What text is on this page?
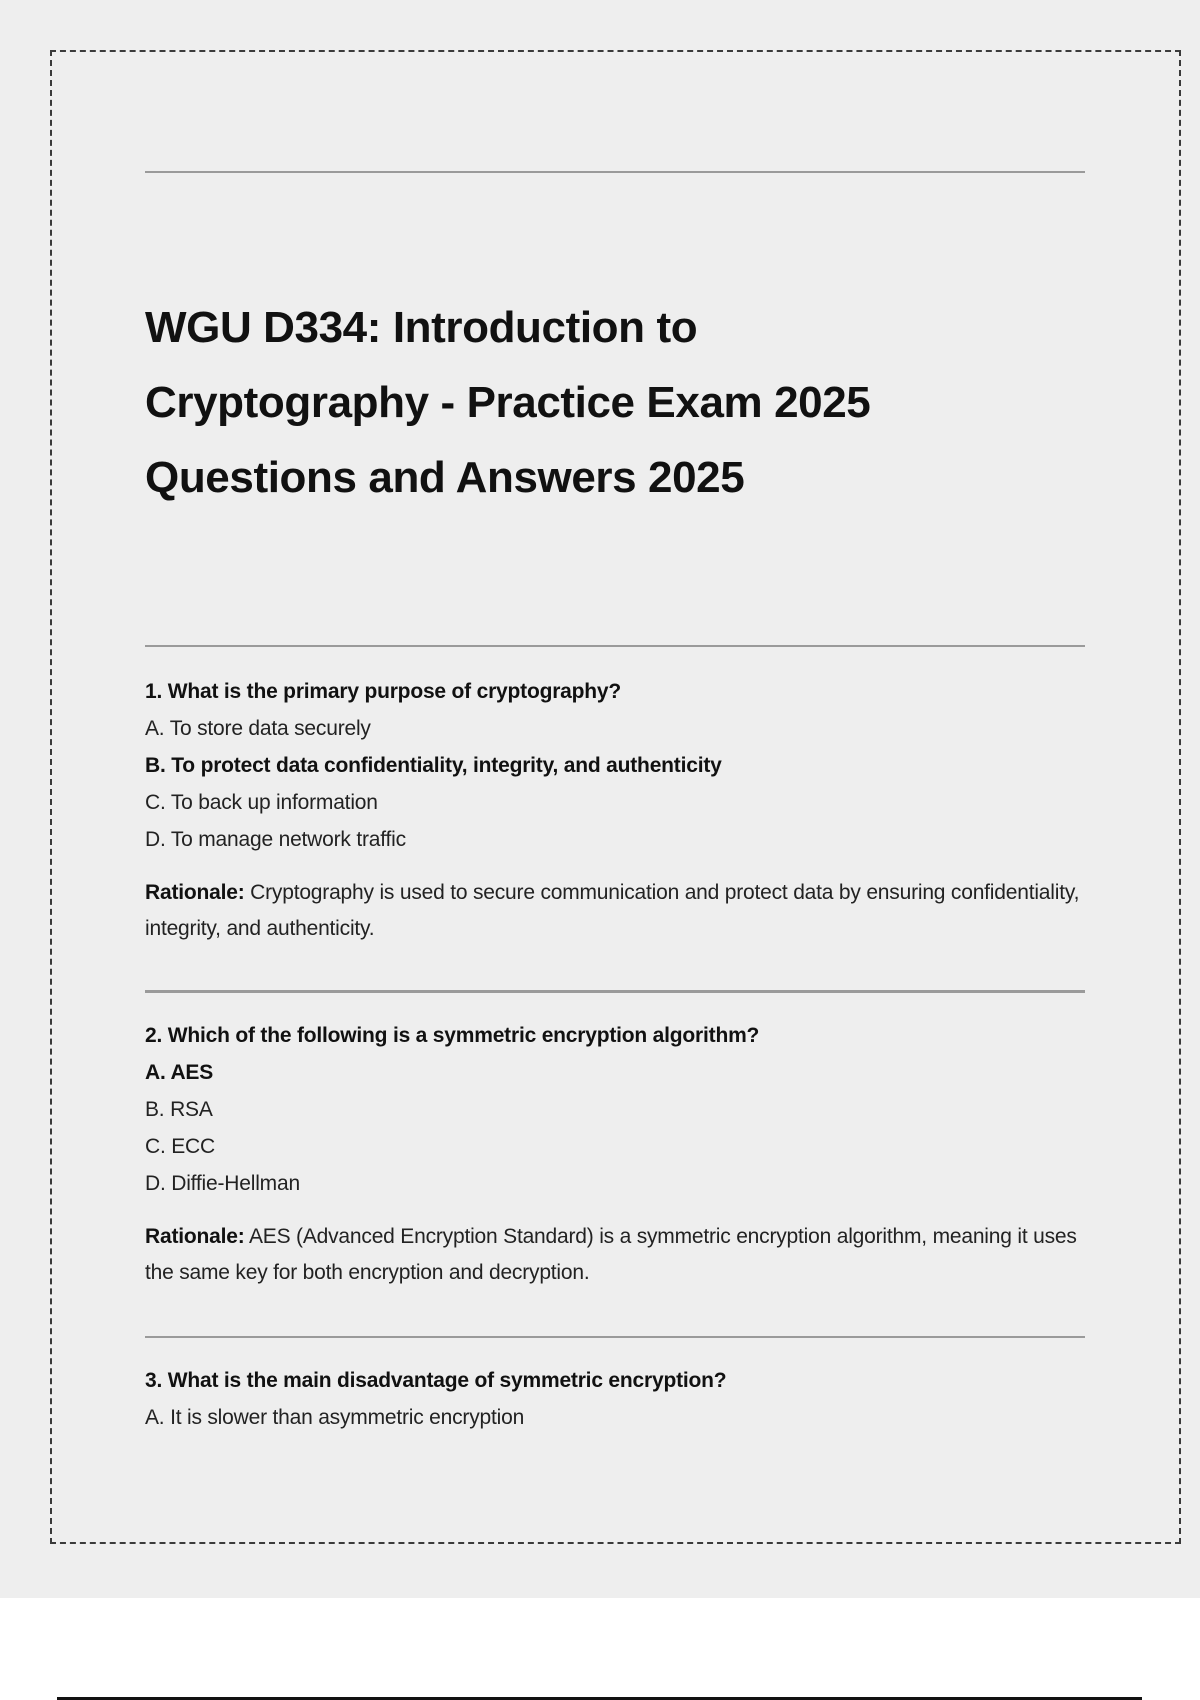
WGU D334: Introduction to
Cryptography - Practice Exam 2025
Questions and Answers 2025
1. What is the primary purpose of cryptography?
A. To store data securely
B. To protect data confidentiality, integrity, and authenticity
C. To back up information
D. To manage network traffic
Rationale: Cryptography is used to secure communication and protect data by ensuring confidentiality, integrity, and authenticity.
2. Which of the following is a symmetric encryption algorithm?
A. AES
B. RSA
C. ECC
D. Diffie-Hellman
Rationale: AES (Advanced Encryption Standard) is a symmetric encryption algorithm, meaning it uses the same key for both encryption and decryption.
3. What is the main disadvantage of symmetric encryption?
A. It is slower than asymmetric encryption
